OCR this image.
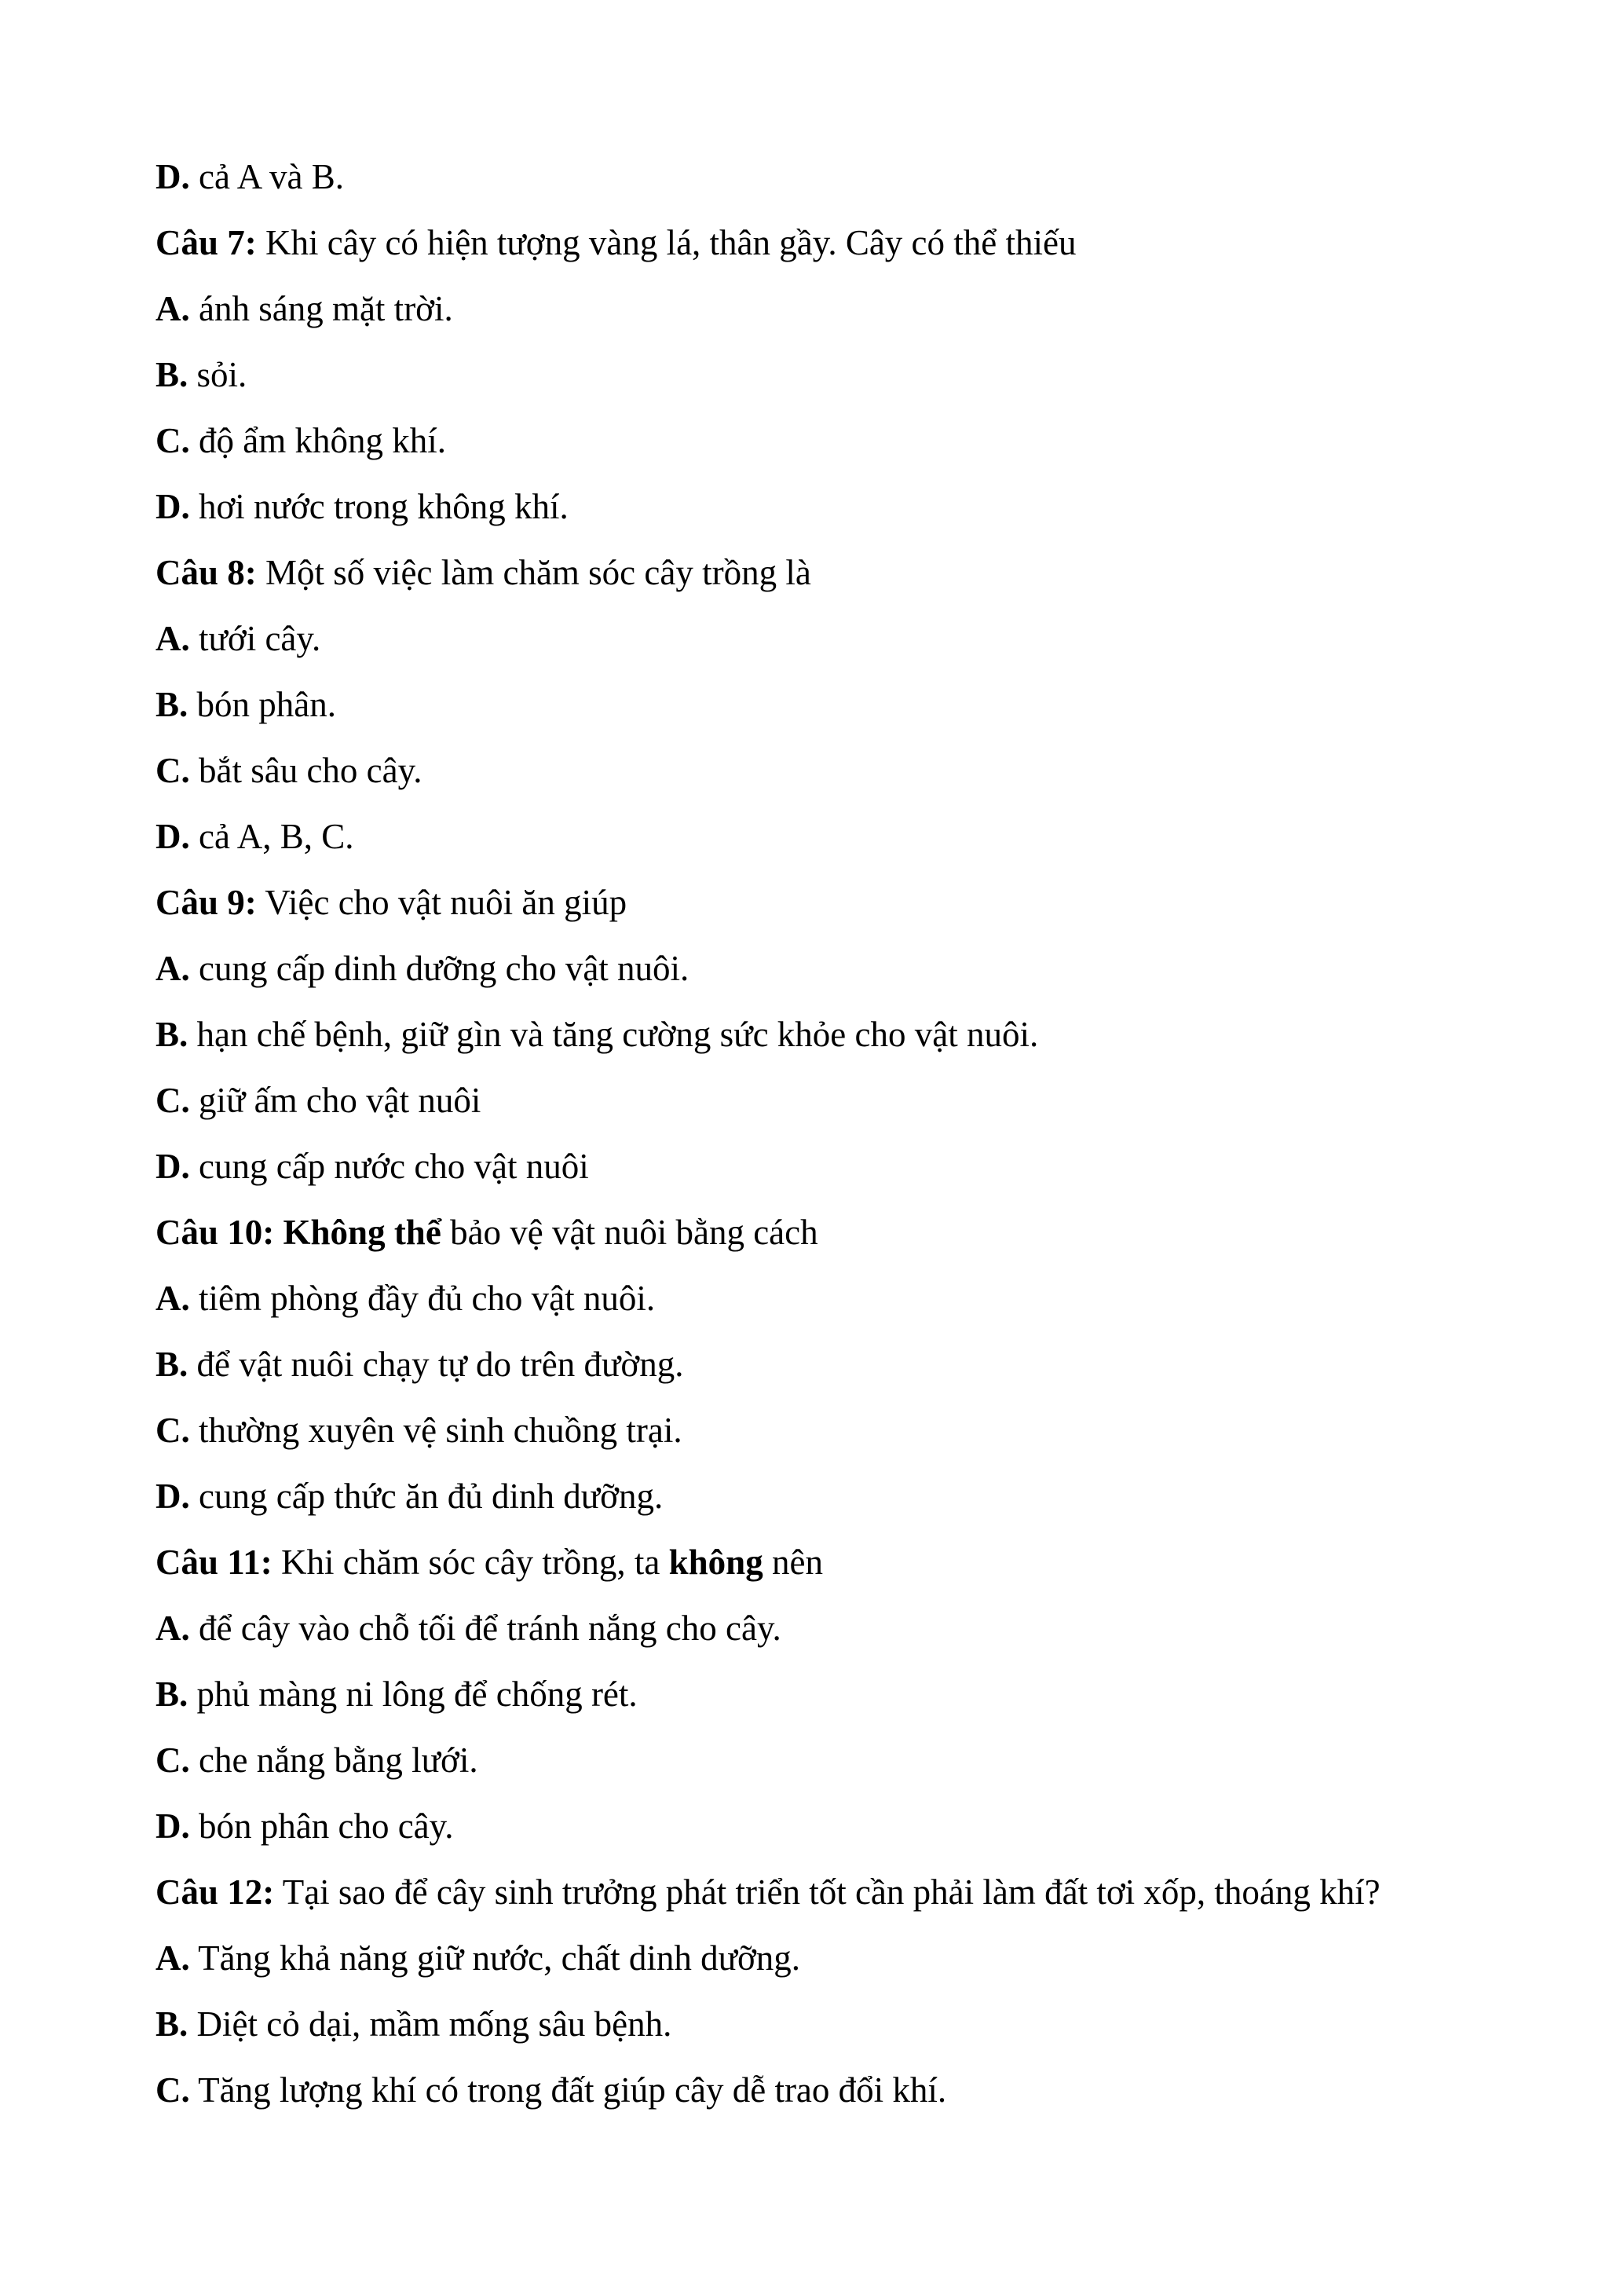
D. cả A và B.
Câu 7: Khi cây có hiện tượng vàng lá, thân gầy. Cây có thể thiếu
A. ánh sáng mặt trời.
B. sỏi.
C. độ ẩm không khí.
D. hơi nước trong không khí.
Câu 8: Một số việc làm chăm sóc cây trồng là
A. tưới cây.
B. bón phân.
C. bắt sâu cho cây.
D. cả A, B, C.
Câu 9: Việc cho vật nuôi ăn giúp
A. cung cấp dinh dưỡng cho vật nuôi.
B. hạn chế bệnh, giữ gìn và tăng cường sức khỏe cho vật nuôi.
C. giữ ấm cho vật nuôi
D. cung cấp nước cho vật nuôi
Câu 10: Không thể bảo vệ vật nuôi bằng cách
A. tiêm phòng đầy đủ cho vật nuôi.
B. để vật nuôi chạy tự do trên đường.
C. thường xuyên vệ sinh chuồng trại.
D. cung cấp thức ăn đủ dinh dưỡng.
Câu 11: Khi chăm sóc cây trồng, ta không nên
A. để cây vào chỗ tối để tránh nắng cho cây.
B. phủ màng ni lông để chống rét.
C. che nắng bằng lưới.
D. bón phân cho cây.
Câu 12: Tại sao để cây sinh trưởng phát triển tốt cần phải làm đất tơi xốp, thoáng khí?
A. Tăng khả năng giữ nước, chất dinh dưỡng.
B. Diệt cỏ dại, mầm mống sâu bệnh.
C. Tăng lượng khí có trong đất giúp cây dễ trao đổi khí.
